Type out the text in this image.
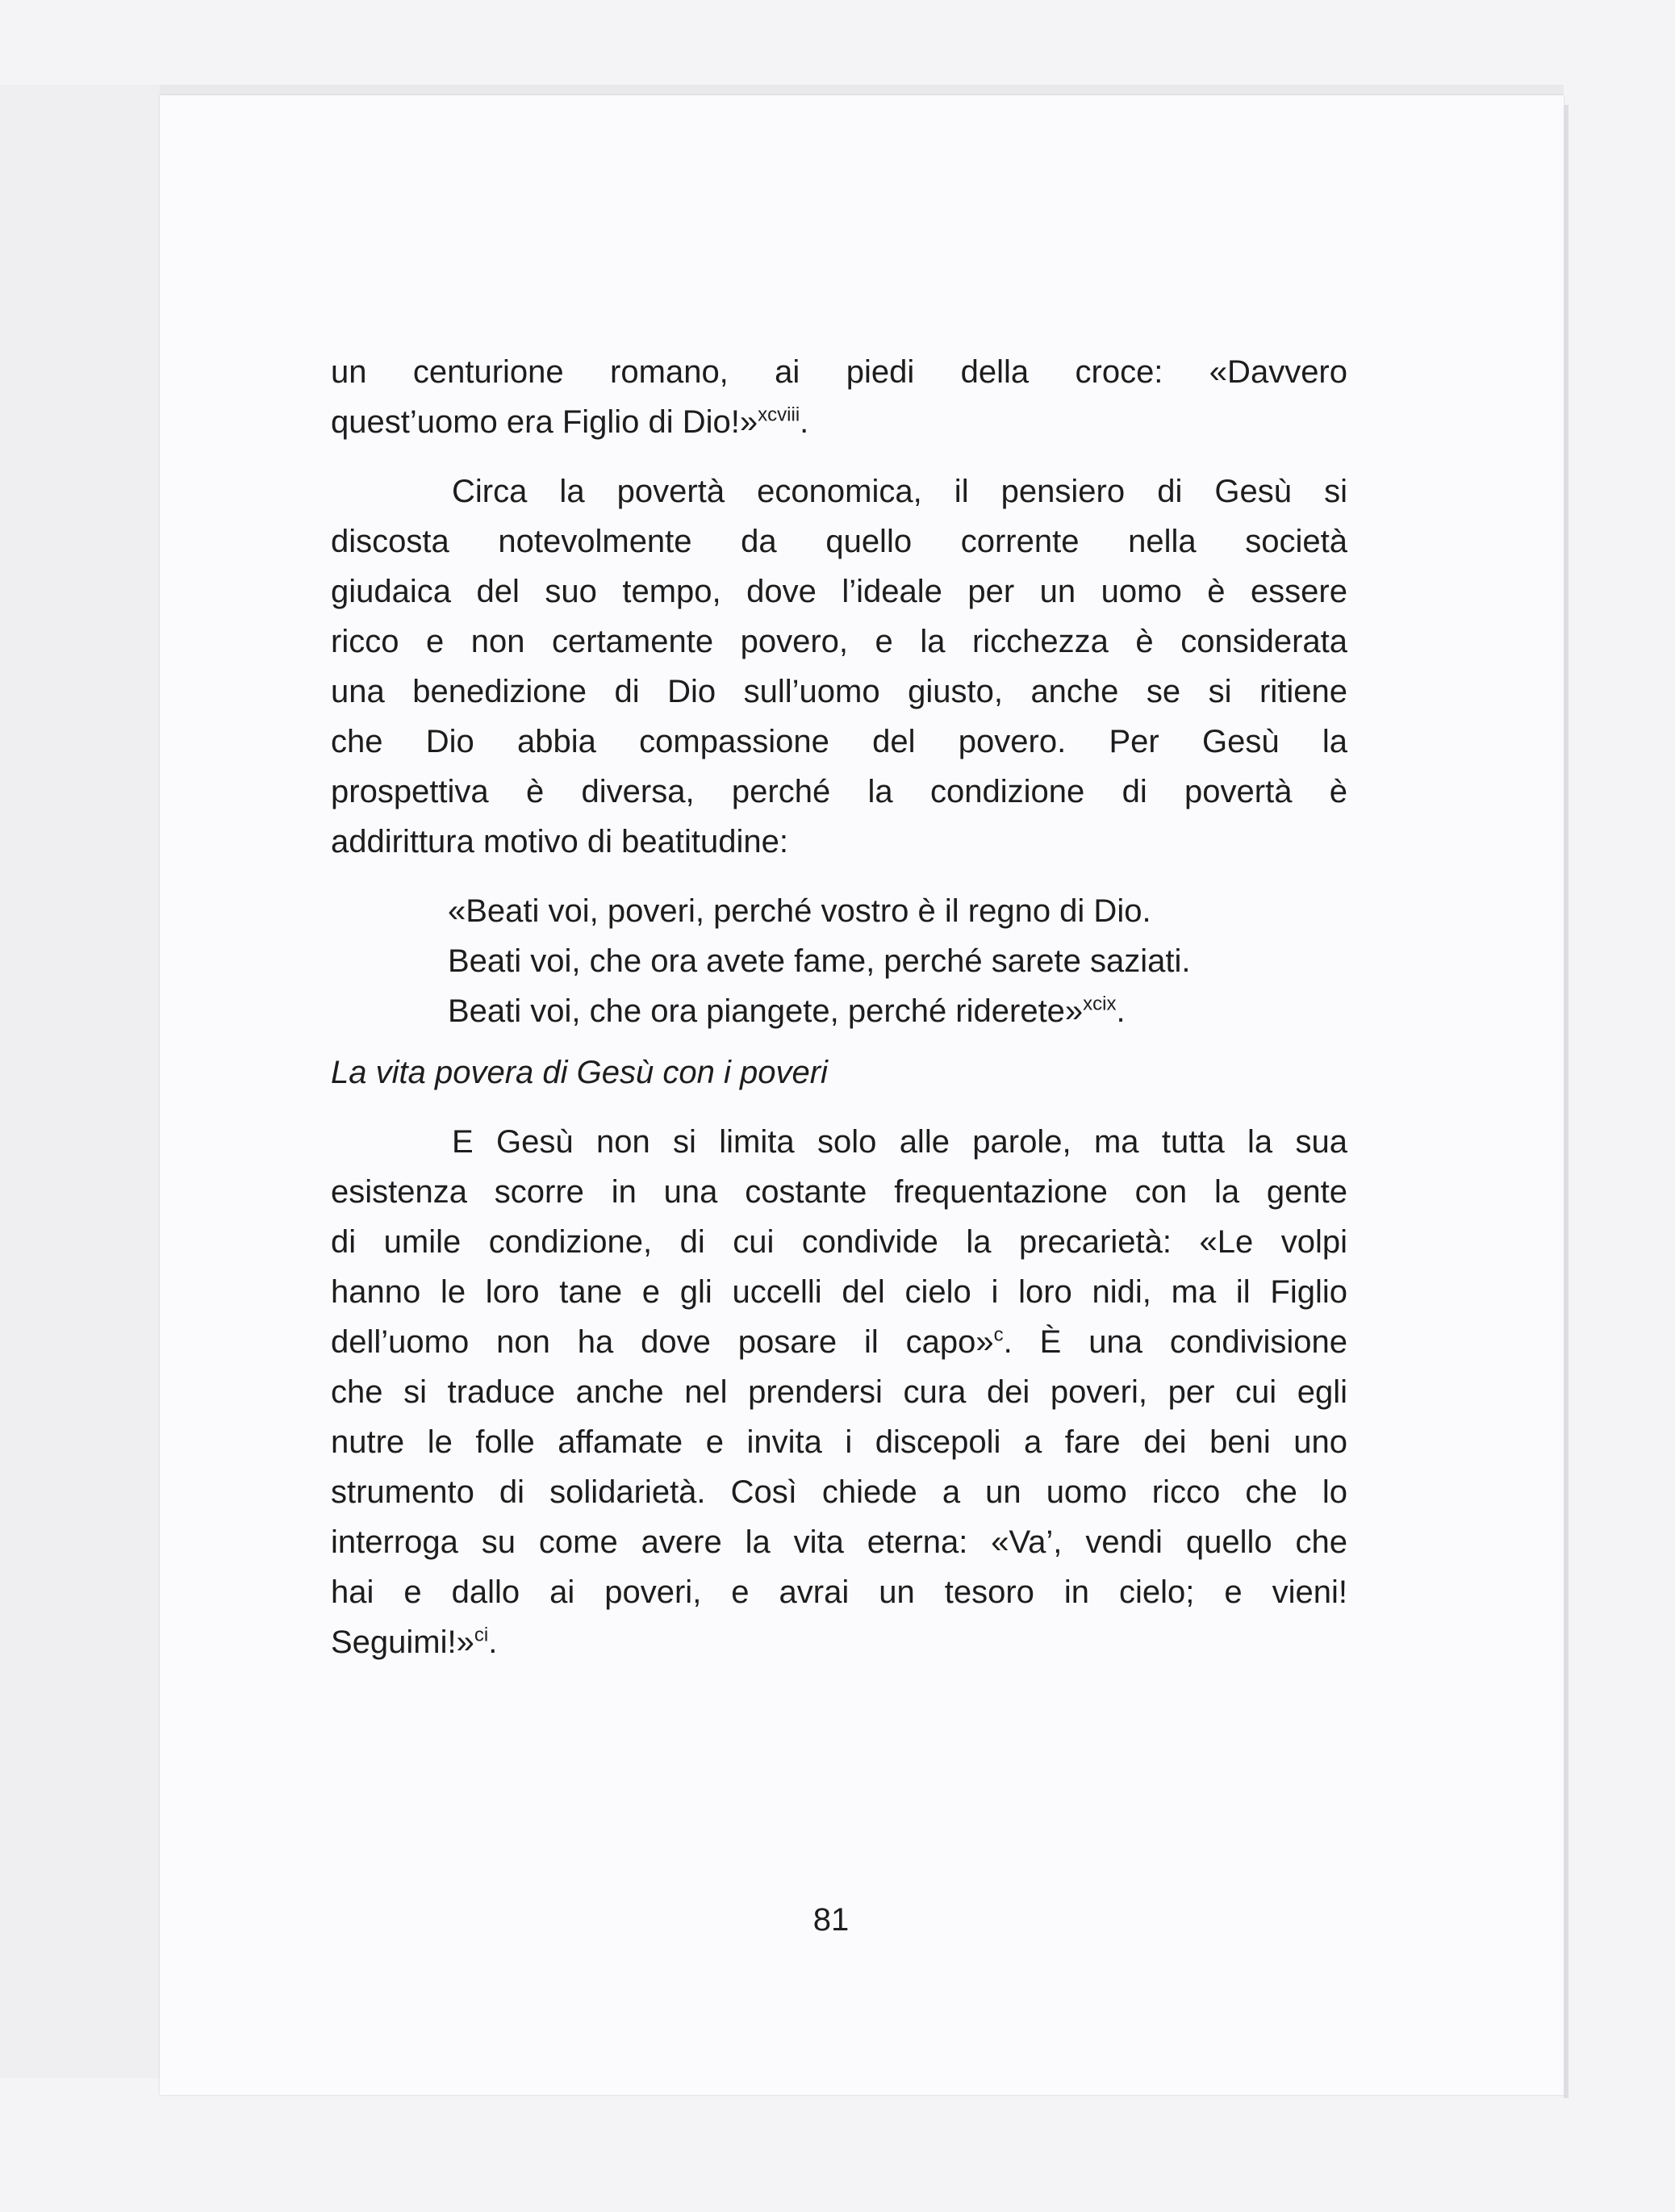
un centurione romano, ai piedi della croce: «Davvero
quest’uomo era Figlio di Dio!»$^{xcviii}$.
Circa la povertà economica, il pensiero di Gesù si
discosta notevolmente da quello corrente nella società
giudaica del suo tempo, dove l’ideale per un uomo è essere
ricco e non certamente povero, e la ricchezza è considerata
una benedizione di Dio sull’uomo giusto, anche se si ritiene
che Dio abbia compassione del povero. Per Gesù la
prospettiva è diversa, perché la condizione di povertà è
addirittura motivo di beatitudine:
«Beati voi, poveri, perché vostro è il regno di Dio.
Beati voi, che ora avete fame, perché sarete saziati.
Beati voi, che ora piangete, perché riderete»$^{xcix}$.
La vita povera di Gesù con i poveri
E Gesù non si limita solo alle parole, ma tutta la sua
esistenza scorre in una costante frequentazione con la gente
di umile condizione, di cui condivide la precarietà: «Le volpi
hanno le loro tane e gli uccelli del cielo i loro nidi, ma il Figlio
dell’uomo non ha dove posare il capo»$^c$. È una condivisione
che si traduce anche nel prendersi cura dei poveri, per cui egli
nutre le folle affamate e invita i discepoli a fare dei beni uno
strumento di solidarietà. Così chiede a un uomo ricco che lo
interroga su come avere la vita eterna: «Va’, vendi quello che
hai e dallo ai poveri, e avrai un tesoro in cielo; e vieni!
Seguimi!»$^{ci}$.
81
